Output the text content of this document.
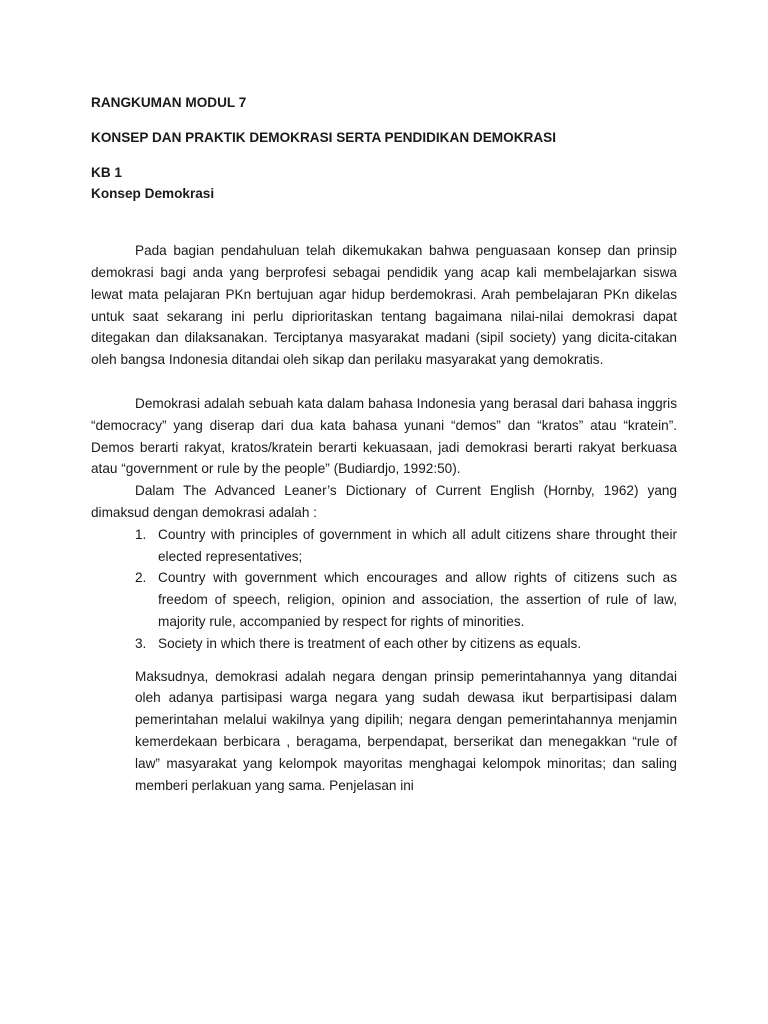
RANGKUMAN MODUL 7

KONSEP DAN PRAKTIK DEMOKRASI SERTA PENDIDIKAN DEMOKRASI

KB 1

Konsep Demokrasi

Pada bagian pendahuluan telah dikemukakan bahwa penguasaan konsep dan prinsip demokrasi bagi anda yang berprofesi sebagai pendidik yang acap kali membelajarkan siswa lewat mata pelajaran PKn bertujuan agar hidup berdemokrasi. Arah pembelajaran PKn dikelas untuk saat sekarang ini perlu diprioritaskan tentang bagaimana nilai-nilai demokrasi dapat ditegakan dan dilaksanakan. Terciptanya masyarakat madani (sipil society) yang dicita-citakan oleh bangsa Indonesia ditandai oleh sikap dan perilaku masyarakat yang demokratis.

Demokrasi adalah sebuah kata dalam bahasa Indonesia yang berasal dari bahasa inggris “democracy” yang diserap dari dua kata bahasa yunani “demos” dan “kratos” atau “kratein”. Demos berarti rakyat, kratos/kratein berarti kekuasaan, jadi demokrasi berarti rakyat berkuasa atau “government or rule by the people” (Budiardjo, 1992:50).

Dalam The Advanced Leaner’s Dictionary of Current English (Hornby, 1962) yang dimaksud dengan demokrasi adalah :

1. Country with principles of government in which all adult citizens share throught their elected representatives;
2. Country with government which encourages and allow rights of citizens such as freedom of speech, religion, opinion and association, the assertion of rule of law, majority rule, accompanied by respect for rights of minorities.
3. Society in which there is treatment of each other by citizens as equals.

Maksudnya, demokrasi adalah negara dengan prinsip pemerintahannya yang ditandai oleh adanya partisipasi warga negara yang sudah dewasa ikut berpartisipasi dalam pemerintahan melalui wakilnya yang dipilih; negara dengan pemerintahannya menjamin kemerdekaan berbicara , beragama, berpendapat, berserikat dan menegakkan “rule of law” masyarakat yang kelompok mayoritas menghagai kelompok minoritas; dan saling memberi perlakuan yang sama. Penjelasan ini
